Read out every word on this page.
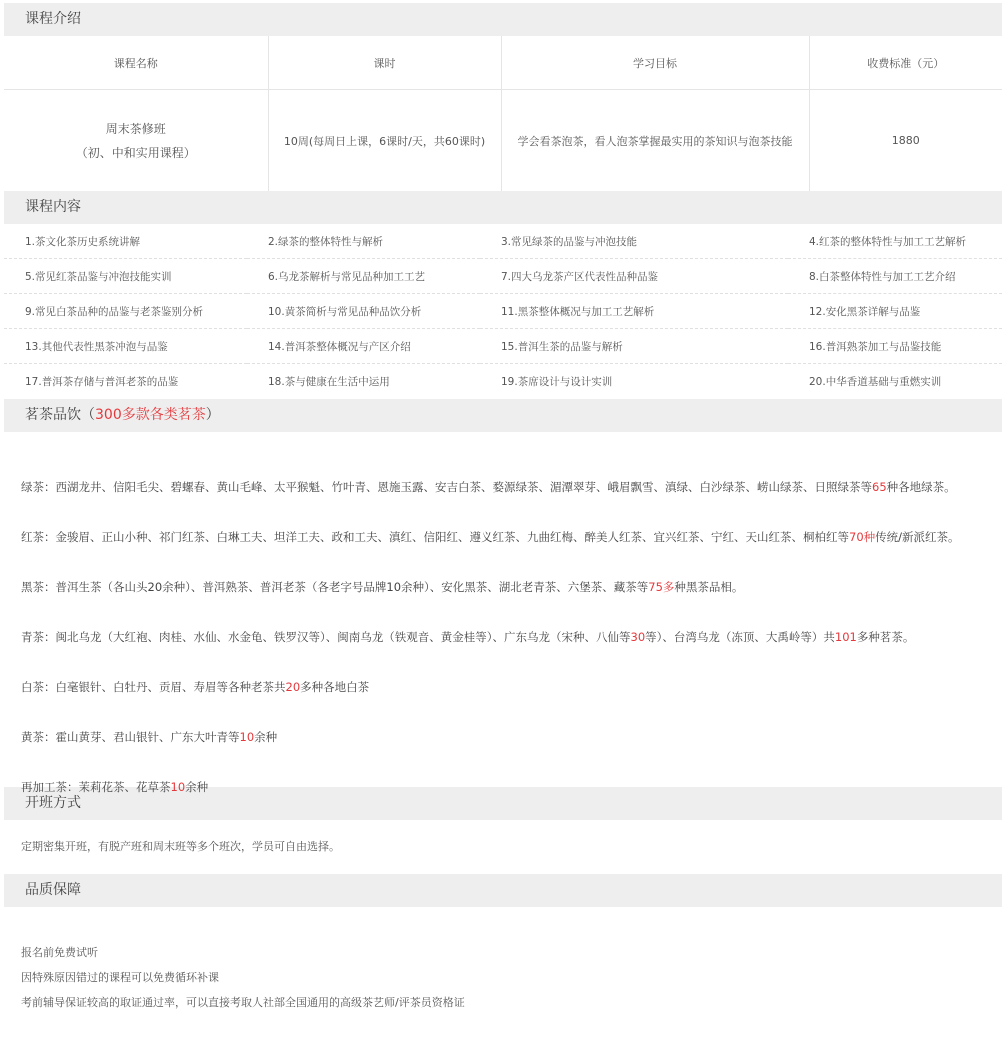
课程介绍
课程名称	课时	学习目标	收费标准（元）

周末茶修班
（初、中和实用课程）	10周(每周日上课，6课时/天，共60课时)	学会看茶泡茶，看人泡茶掌握最实用的茶知识与泡茶技能	1880
课程内容
1.茶文化茶历史系统讲解	2.绿茶的整体特性与解析	3.常见绿茶的品鉴与冲泡技能	4.红茶的整体特性与加工工艺解析
5.常见红茶品鉴与冲泡技能实训	6.乌龙茶解析与常见品种加工工艺	7.四大乌龙茶产区代表性品种品鉴	8.白茶整体特性与加工工艺介绍
9.常见白茶品种的品鉴与老茶鉴别分析	10.黄茶简析与常见品种品饮分析	11.黑茶整体概况与加工工艺解析	12.安化黑茶详解与品鉴
13.其他代表性黑茶冲泡与品鉴	14.普洱茶整体概况与产区介绍	15.普洱生茶的品鉴与解析	16.普洱熟茶加工与品鉴技能
17.普洱茶存储与普洱老茶的品鉴	18.茶与健康在生活中运用	19.茶席设计与设计实训	20.中华香道基础与重燃实训
茗茶品饮（300多款各类茗茶）

绿茶：西湖龙井、信阳毛尖、碧螺春、黄山毛峰、太平猴魁、竹叶青、恩施玉露、安吉白茶、婺源绿茶、湄潭翠芽、峨眉飘雪、滇绿、白沙绿茶、崂山绿茶、日照绿茶等65种各地绿茶。

红茶：金骏眉、正山小种、祁门红茶、白琳工夫、坦洋工夫、政和工夫、滇红、信阳红、遵义红茶、九曲红梅、醉美人红茶、宜兴红茶、宁红、天山红茶、桐柏红等70种传统/新派红茶。

黑茶：普洱生茶（各山头20余种）、普洱熟茶、普洱老茶（各老字号品牌10余种）、安化黑茶、湖北老青茶、六堡茶、藏茶等75多种黑茶品相。

青茶：闽北乌龙（大红袍、肉桂、水仙、水金龟、铁罗汉等）、闽南乌龙（铁观音、黄金桂等）、广东乌龙（宋种、八仙等30等）、台湾乌龙（冻顶、大禹岭等）共101多种茗茶。

白茶：白毫银针、白牡丹、贡眉、寿眉等各种老茶共20多种各地白茶

黄茶：霍山黄芽、君山银针、广东大叶青等10余种

再加工茶：茉莉花茶、花草茶10余种

开班方式
定期密集开班，有脱产班和周末班等多个班次，学员可自由选择。
品质保障
报名前免费试听
因特殊原因错过的课程可以免费循环补课
考前辅导保证较高的取证通过率，可以直接考取人社部全国通用的高级茶艺师/评茶员资格证
